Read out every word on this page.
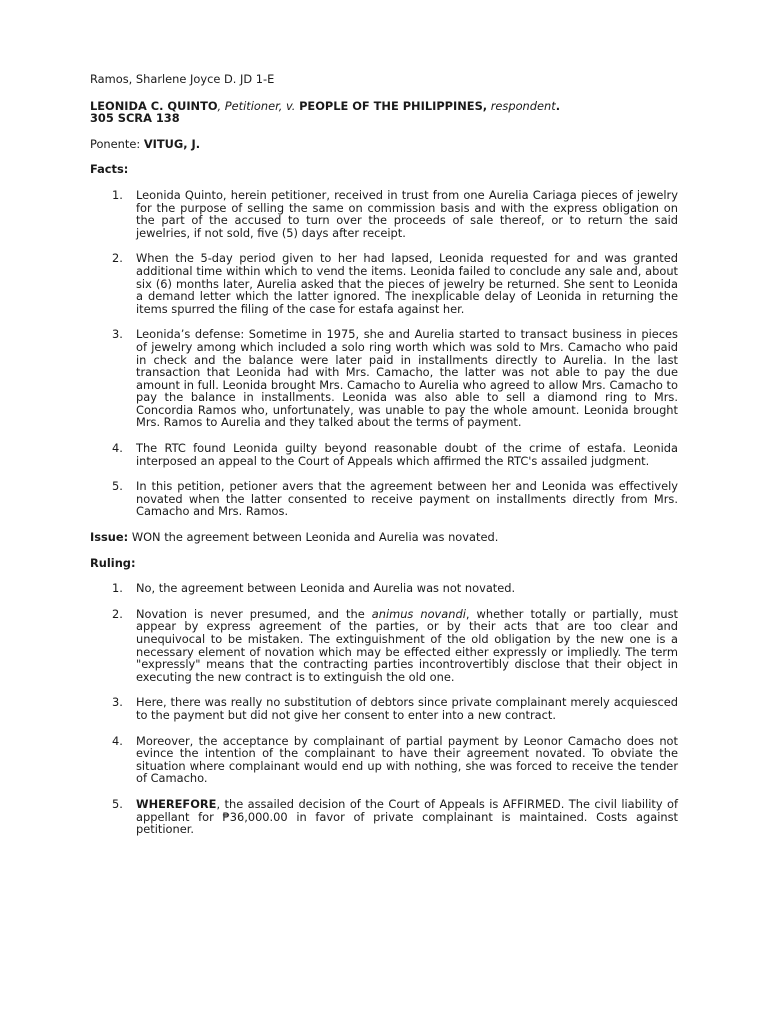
Ramos, Sharlene Joyce D. JD 1-E

LEONIDA C. QUINTO, Petitioner, v. PEOPLE OF THE PHILIPPINES, respondent.

305 SCRA 138

Ponente: VITUG, J.

Facts:

1. Leonida Quinto, herein petitioner, received in trust from one Aurelia Cariaga pieces of jewelry for the purpose of selling the same on commission basis and with the express obligation on the part of the accused to turn over the proceeds of sale thereof, or to return the said jewelries, if not sold, five (5) days after receipt.
2. When the 5-day period given to her had lapsed, Leonida requested for and was granted additional time within which to vend the items. Leonida failed to conclude any sale and, about six (6) months later, Aurelia asked that the pieces of jewelry be returned. She sent to Leonida a demand letter which the latter ignored. The inexplicable delay of Leonida in returning the items spurred the filing of the case for estafa against her.
3. Leonida’s defense: Sometime in 1975, she and Aurelia started to transact business in pieces of jewelry among which included a solo ring worth which was sold to Mrs. Camacho who paid in check and the balance were later paid in installments directly to Aurelia. In the last transaction that Leonida had with Mrs. Camacho, the latter was not able to pay the due amount in full. Leonida brought Mrs. Camacho to Aurelia who agreed to allow Mrs. Camacho to pay the balance in installments. Leonida was also able to sell a diamond ring to Mrs. Concordia Ramos who, unfortunately, was unable to pay the whole amount. Leonida brought Mrs. Ramos to Aurelia and they talked about the terms of payment.
4. The RTC found Leonida guilty beyond reasonable doubt of the crime of estafa. Leonida interposed an appeal to the Court of Appeals which affirmed the RTC's assailed judgment.
5. In this petition, petioner avers that the agreement between her and Leonida was effectively novated when the latter consented to receive payment on installments directly from Mrs. Camacho and Mrs. Ramos.

Issue: WON the agreement between Leonida and Aurelia was novated.

Ruling:

1. No, the agreement between Leonida and Aurelia was not novated.
2. Novation is never presumed, and the animus novandi, whether totally or partially, must appear by express agreement of the parties, or by their acts that are too clear and unequivocal to be mistaken. The extinguishment of the old obligation by the new one is a necessary element of novation which may be effected either expressly or impliedly. The term "expressly" means that the contracting parties incontrovertibly disclose that their object in executing the new contract is to extinguish the old one.
3. Here, there was really no substitution of debtors since private complainant merely acquiesced to the payment but did not give her consent to enter into a new contract.
4. Moreover, the acceptance by complainant of partial payment by Leonor Camacho does not evince the intention of the complainant to have their agreement novated. To obviate the situation where complainant would end up with nothing, she was forced to receive the tender of Camacho.
5. WHEREFORE, the assailed decision of the Court of Appeals is AFFIRMED. The civil liability of appellant for ₱36,000.00 in favor of private complainant is maintained. Costs against petitioner.
